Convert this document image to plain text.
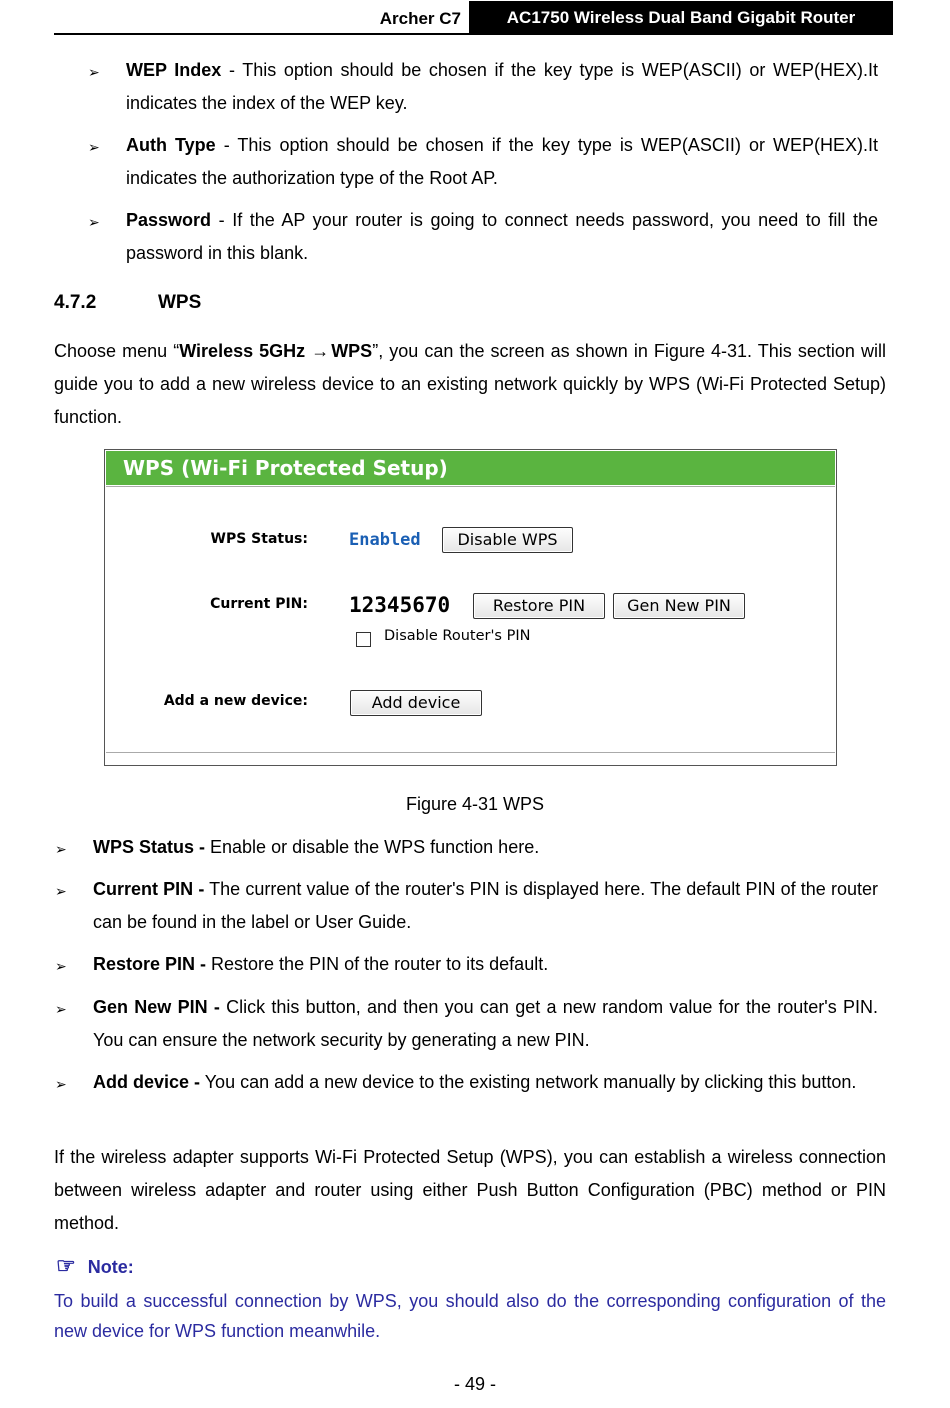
Archer C7	AC1750 Wireless Dual Band Gigabit Router
➢ WEP Index - This option should be chosen if the key type is WEP(ASCII) or WEP(HEX).It indicates the index of the WEP key.
➢ Auth Type - This option should be chosen if the key type is WEP(ASCII) or WEP(HEX).It indicates the authorization type of the Root AP.
➢ Password - If the AP your router is going to connect needs password, you need to fill the password in this blank.
4.7.2	WPS
Choose menu “Wireless 5GHz → WPS”, you can the screen as shown in Figure 4-31. This section will guide you to add a new wireless device to an existing network quickly by WPS (Wi-Fi Protected Setup) function.
WPS (Wi-Fi Protected Setup)
WPS Status: Enabled	Disable WPS
Current PIN: 12345670	Restore PIN	Gen New PIN
Disable Router's PIN
Add a new device:	Add device
Figure 4-31 WPS
➢ WPS Status - Enable or disable the WPS function here.
➢ Current PIN - The current value of the router's PIN is displayed here. The default PIN of the router can be found in the label or User Guide.
➢ Restore PIN - Restore the PIN of the router to its default.
➢ Gen New PIN - Click this button, and then you can get a new random value for the router's PIN. You can ensure the network security by generating a new PIN.
➢ Add device - You can add a new device to the existing network manually by clicking this button.
If the wireless adapter supports Wi-Fi Protected Setup (WPS), you can establish a wireless connection between wireless adapter and router using either Push Button Configuration (PBC) method or PIN method.
☞ Note:
To build a successful connection by WPS, you should also do the corresponding configuration of the new device for WPS function meanwhile.
- 49 -
